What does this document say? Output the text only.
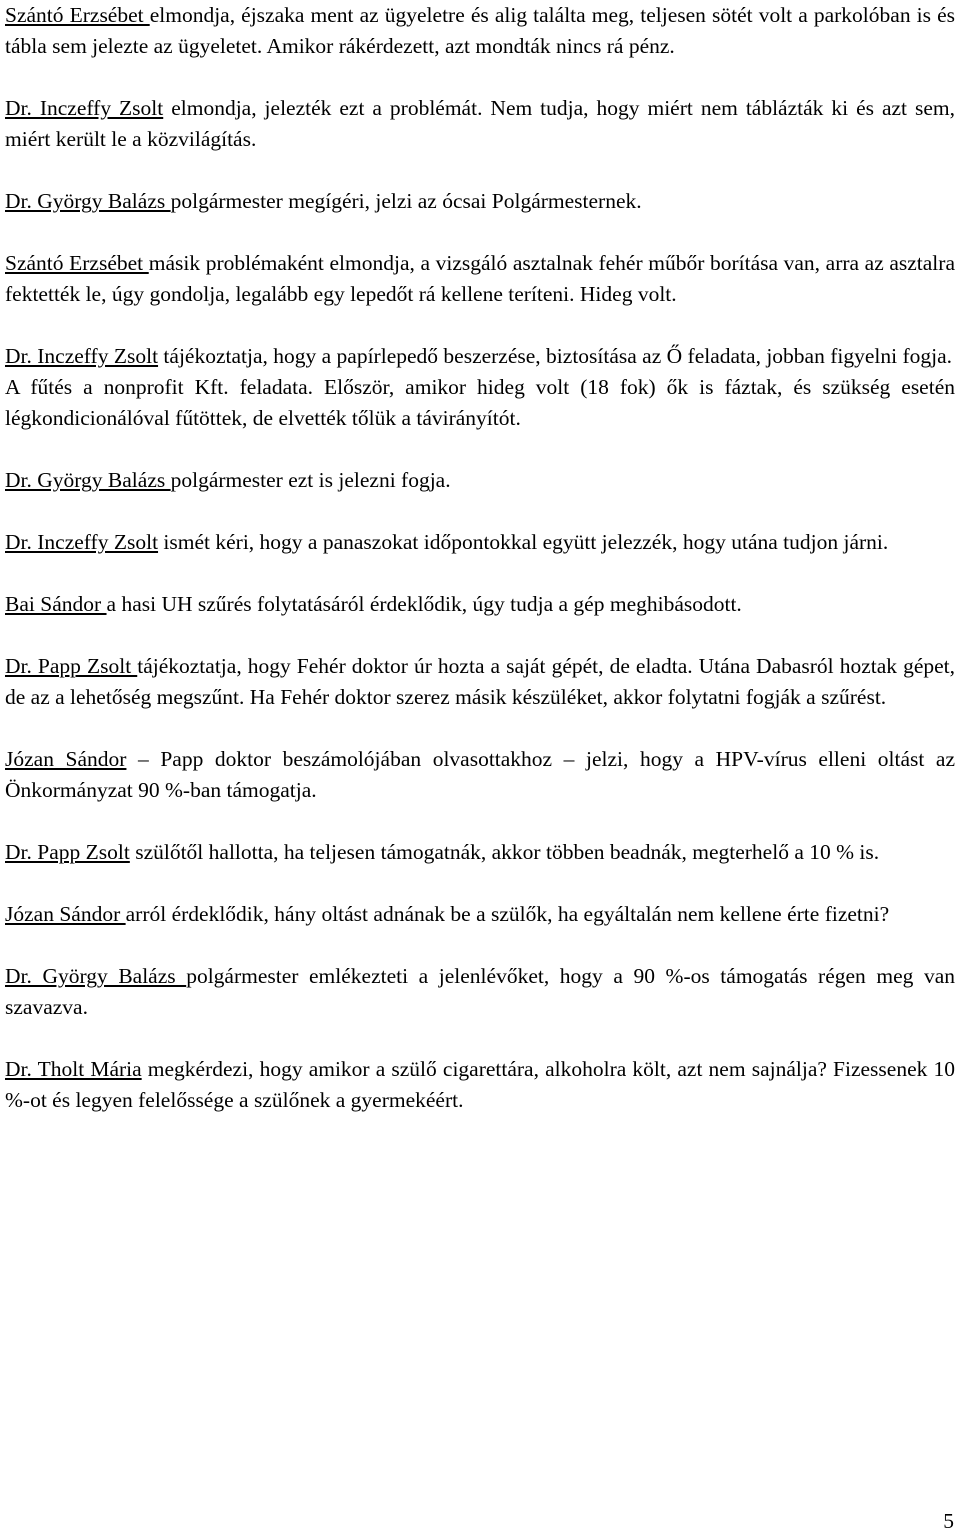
Szántó Erzsébet elmondja, éjszaka ment az ügyeletre és alig találta meg, teljesen sötét volt a parkolóban is és tábla sem jelezte az ügyeletet. Amikor rákérdezett, azt mondták nincs rá pénz.

Dr. Inczeffy Zsolt elmondja, jelezték ezt a problémát. Nem tudja, hogy miért nem táblázták ki és azt sem, miért került le a közvilágítás.

Dr. György Balázs polgármester megígéri, jelzi az ócsai Polgármesternek.

Szántó Erzsébet másik problémaként elmondja, a vizsgáló asztalnak fehér műbőr borítása van, arra az asztalra fektették le, úgy gondolja, legalább egy lepedőt rá kellene teríteni. Hideg volt.

Dr. Inczeffy Zsolt tájékoztatja, hogy a papírlepedő beszerzése, biztosítása az Ő feladata, jobban figyelni fogja.

A fűtés a nonprofit Kft. feladata. Először, amikor hideg volt (18 fok) ők is fáztak, és szükség esetén légkondicionálóval fűtöttek, de elvették tőlük a távirányítót.

Dr. György Balázs polgármester ezt is jelezni fogja.

Dr. Inczeffy Zsolt ismét kéri, hogy a panaszokat időpontokkal együtt jelezzék, hogy utána tudjon járni.

Bai Sándor a hasi UH szűrés folytatásáról érdeklődik, úgy tudja a gép meghibásodott.

Dr. Papp Zsolt tájékoztatja, hogy Fehér doktor úr hozta a saját gépét, de eladta. Utána Dabasról hoztak gépet, de az a lehetőség megszűnt. Ha Fehér doktor szerez másik készüléket, akkor folytatni fogják a szűrést.

Józan Sándor – Papp doktor beszámolójában olvasottakhoz – jelzi, hogy a HPV-vírus elleni oltást az Önkormányzat 90 %-ban támogatja.

Dr. Papp Zsolt szülőtől hallotta, ha teljesen támogatnák, akkor többen beadnák, megterhelő a 10 % is.

Józan Sándor arról érdeklődik, hány oltást adnának be a szülők, ha egyáltalán nem kellene érte fizetni?

Dr. György Balázs polgármester emlékezteti a jelenlévőket, hogy a 90 %-os támogatás régen meg van szavazva.

Dr. Tholt Mária megkérdezi, hogy amikor a szülő cigarettára, alkoholra költ, azt nem sajnálja? Fizessenek 10 %-ot és legyen felelőssége a szülőnek a gyermekéért.

5
